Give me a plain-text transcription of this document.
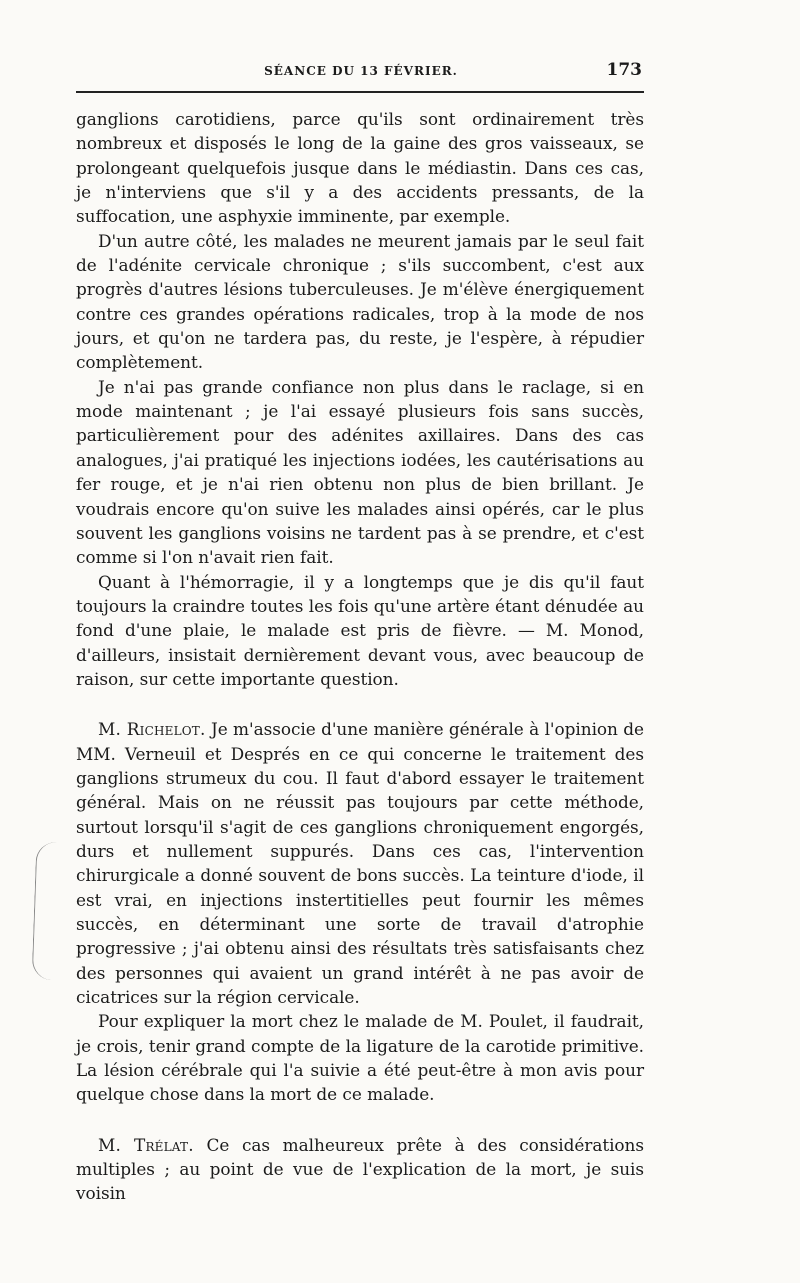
SÉANCE DU 13 FÉVRIER.	173

ganglions carotidiens, parce qu'ils sont ordinairement très nombreux et disposés le long de la gaine des gros vaisseaux, se prolongeant quelquefois jusque dans le médiastin. Dans ces cas, je n'interviens que s'il y a des accidents pressants, de la suffocation, une asphyxie imminente, par exemple.

D'un autre côté, les malades ne meurent jamais par le seul fait de l'adénite cervicale chronique ; s'ils succombent, c'est aux progrès d'autres lésions tuberculeuses. Je m'élève énergiquement contre ces grandes opérations radicales, trop à la mode de nos jours, et qu'on ne tardera pas, du reste, je l'espère, à répudier complètement.

Je n'ai pas grande confiance non plus dans le raclage, si en mode maintenant ; je l'ai essayé plusieurs fois sans succès, particulièrement pour des adénites axillaires. Dans des cas analogues, j'ai pratiqué les injections iodées, les cautérisations au fer rouge, et je n'ai rien obtenu non plus de bien brillant. Je voudrais encore qu'on suive les malades ainsi opérés, car le plus souvent les ganglions voisins ne tardent pas à se prendre, et c'est comme si l'on n'avait rien fait.

Quant à l'hémorragie, il y a longtemps que je dis qu'il faut toujours la craindre toutes les fois qu'une artère étant dénudée au fond d'une plaie, le malade est pris de fièvre. — M. Monod, d'ailleurs, insistait dernièrement devant vous, avec beaucoup de raison, sur cette importante question.

M. Richelot. Je m'associe d'une manière générale à l'opinion de MM. Verneuil et Després en ce qui concerne le traitement des ganglions strumeux du cou. Il faut d'abord essayer le traitement général. Mais on ne réussit pas toujours par cette méthode, surtout lorsqu'il s'agit de ces ganglions chroniquement engorgés, durs et nullement suppurés. Dans ces cas, l'intervention chirurgicale a donné souvent de bons succès. La teinture d'iode, il est vrai, en injections instertitielles peut fournir les mêmes succès, en déterminant une sorte de travail d'atrophie progressive ; j'ai obtenu ainsi des résultats très satisfaisants chez des personnes qui avaient un grand intérêt à ne pas avoir de cicatrices sur la région cervicale.

Pour expliquer la mort chez le malade de M. Poulet, il faudrait, je crois, tenir grand compte de la ligature de la carotide primitive. La lésion cérébrale qui l'a suivie a été peut-être à mon avis pour quelque chose dans la mort de ce malade.

M. Trélat. Ce cas malheureux prête à des considérations multiples ; au point de vue de l'explication de la mort, je suis voisin
